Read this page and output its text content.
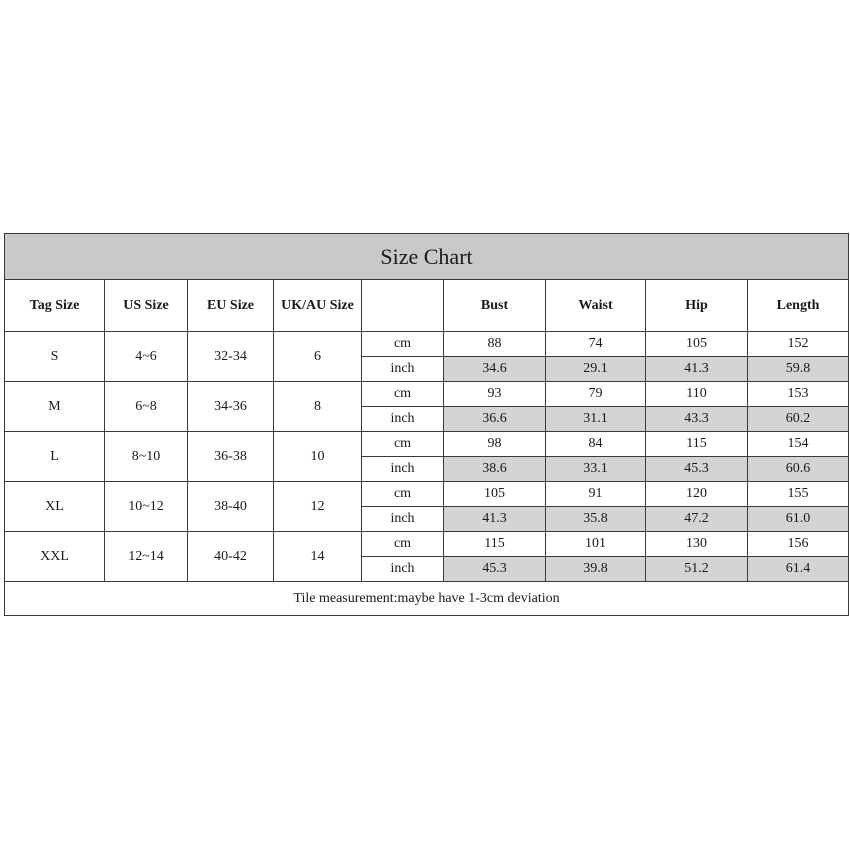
Size Chart								
Tag Size	US Size	EU Size	UK/AU Size		Bust	Waist	Hip	Length
S	4~6	32-34	6	cm	88	74	105	152
				inch	34.6	29.1	41.3	59.8
M	6~8	34-36	8	cm	93	79	110	153
				inch	36.6	31.1	43.3	60.2
L	8~10	36-38	10	cm	98	84	115	154
				inch	38.6	33.1	45.3	60.6
XL	10~12	38-40	12	cm	105	91	120	155
				inch	41.3	35.8	47.2	61.0
XXL	12~14	40-42	14	cm	115	101	130	156
				inch	45.3	39.8	51.2	61.4
Tile measurement:maybe have 1-3cm deviation								
